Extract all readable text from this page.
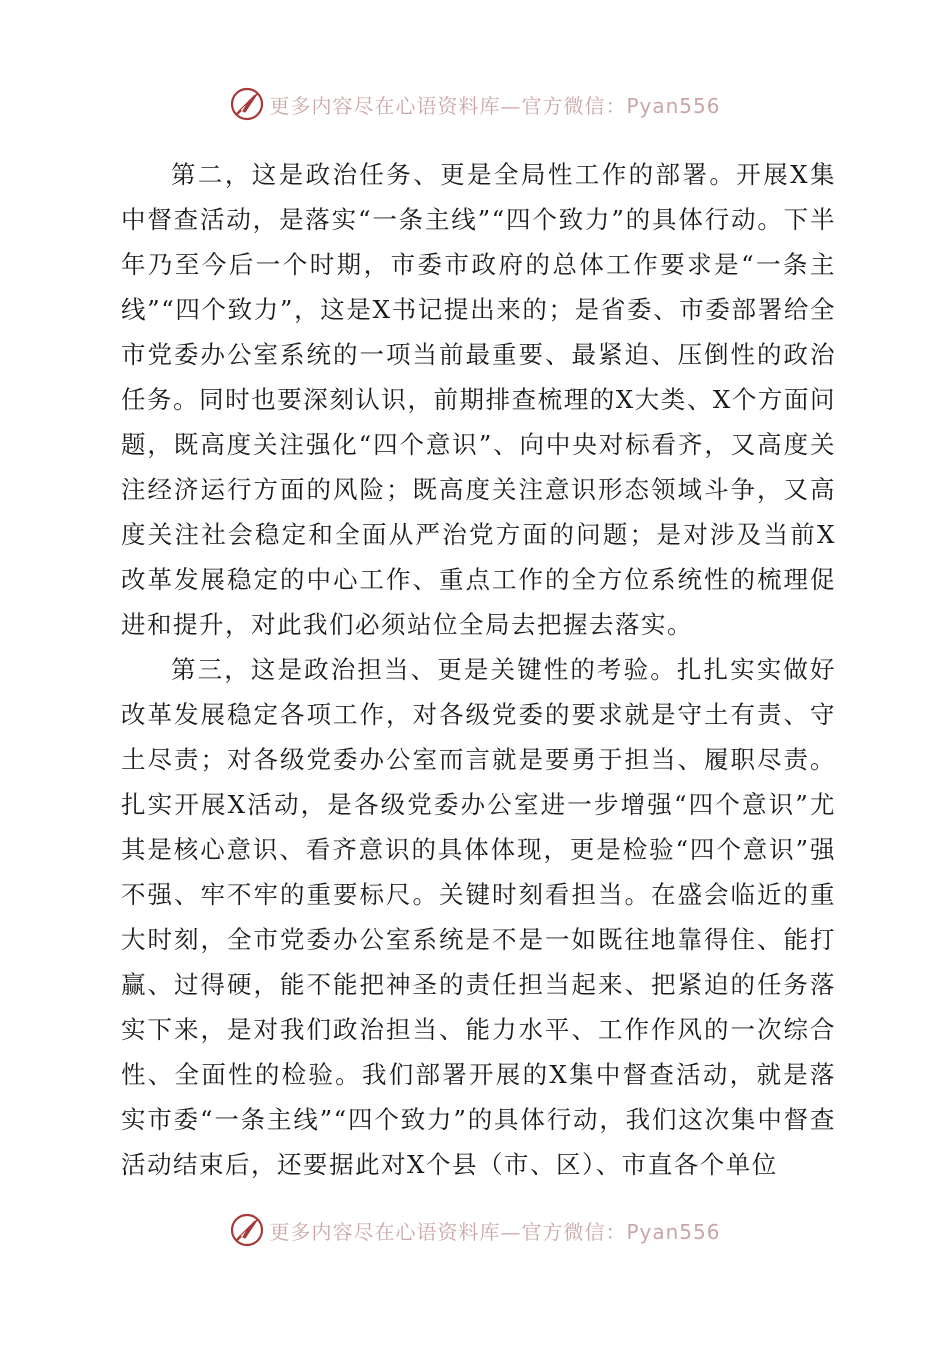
更多内容尽在心语资料库—官方微信：Pyan556

第二，这是政治任务、更是全局性工作的部署。开展X集中督查活动，是落实“一条主线”“四个致力”的具体行动。下半年乃至今后一个时期，市委市政府的总体工作要求是“一条主线”“四个致力”，这是X书记提出来的；是省委、市委部署给全市党委办公室系统的一项当前最重要、最紧迫、压倒性的政治任务。同时也要深刻认识，前期排查梳理的X大类、X个方面问题，既高度关注强化“四个意识”、向中央对标看齐，又高度关注经济运行方面的风险；既高度关注意识形态领域斗争，又高度关注社会稳定和全面从严治党方面的问题；是对涉及当前X改革发展稳定的中心工作、重点工作的全方位系统性的梳理促进和提升，对此我们必须站位全局去把握去落实。

第三，这是政治担当、更是关键性的考验。扎扎实实做好改革发展稳定各项工作，对各级党委的要求就是守土有责、守土尽责；对各级党委办公室而言就是要勇于担当、履职尽责。扎实开展X活动，是各级党委办公室进一步增强“四个意识”尤其是核心意识、看齐意识的具体体现，更是检验“四个意识”强不强、牢不牢的重要标尺。关键时刻看担当。在盛会临近的重大时刻，全市党委办公室系统是不是一如既往地靠得住、能打赢、过得硬，能不能把神圣的责任担当起来、把紧迫的任务落实下来，是对我们政治担当、能力水平、工作作风的一次综合性、全面性的检验。我们部署开展的X集中督查活动，就是落实市委“一条主线”“四个致力”的具体行动，我们这次集中督查活动结束后，还要据此对X个县（市、区）、市直各个单位

更多内容尽在心语资料库—官方微信：Pyan556
